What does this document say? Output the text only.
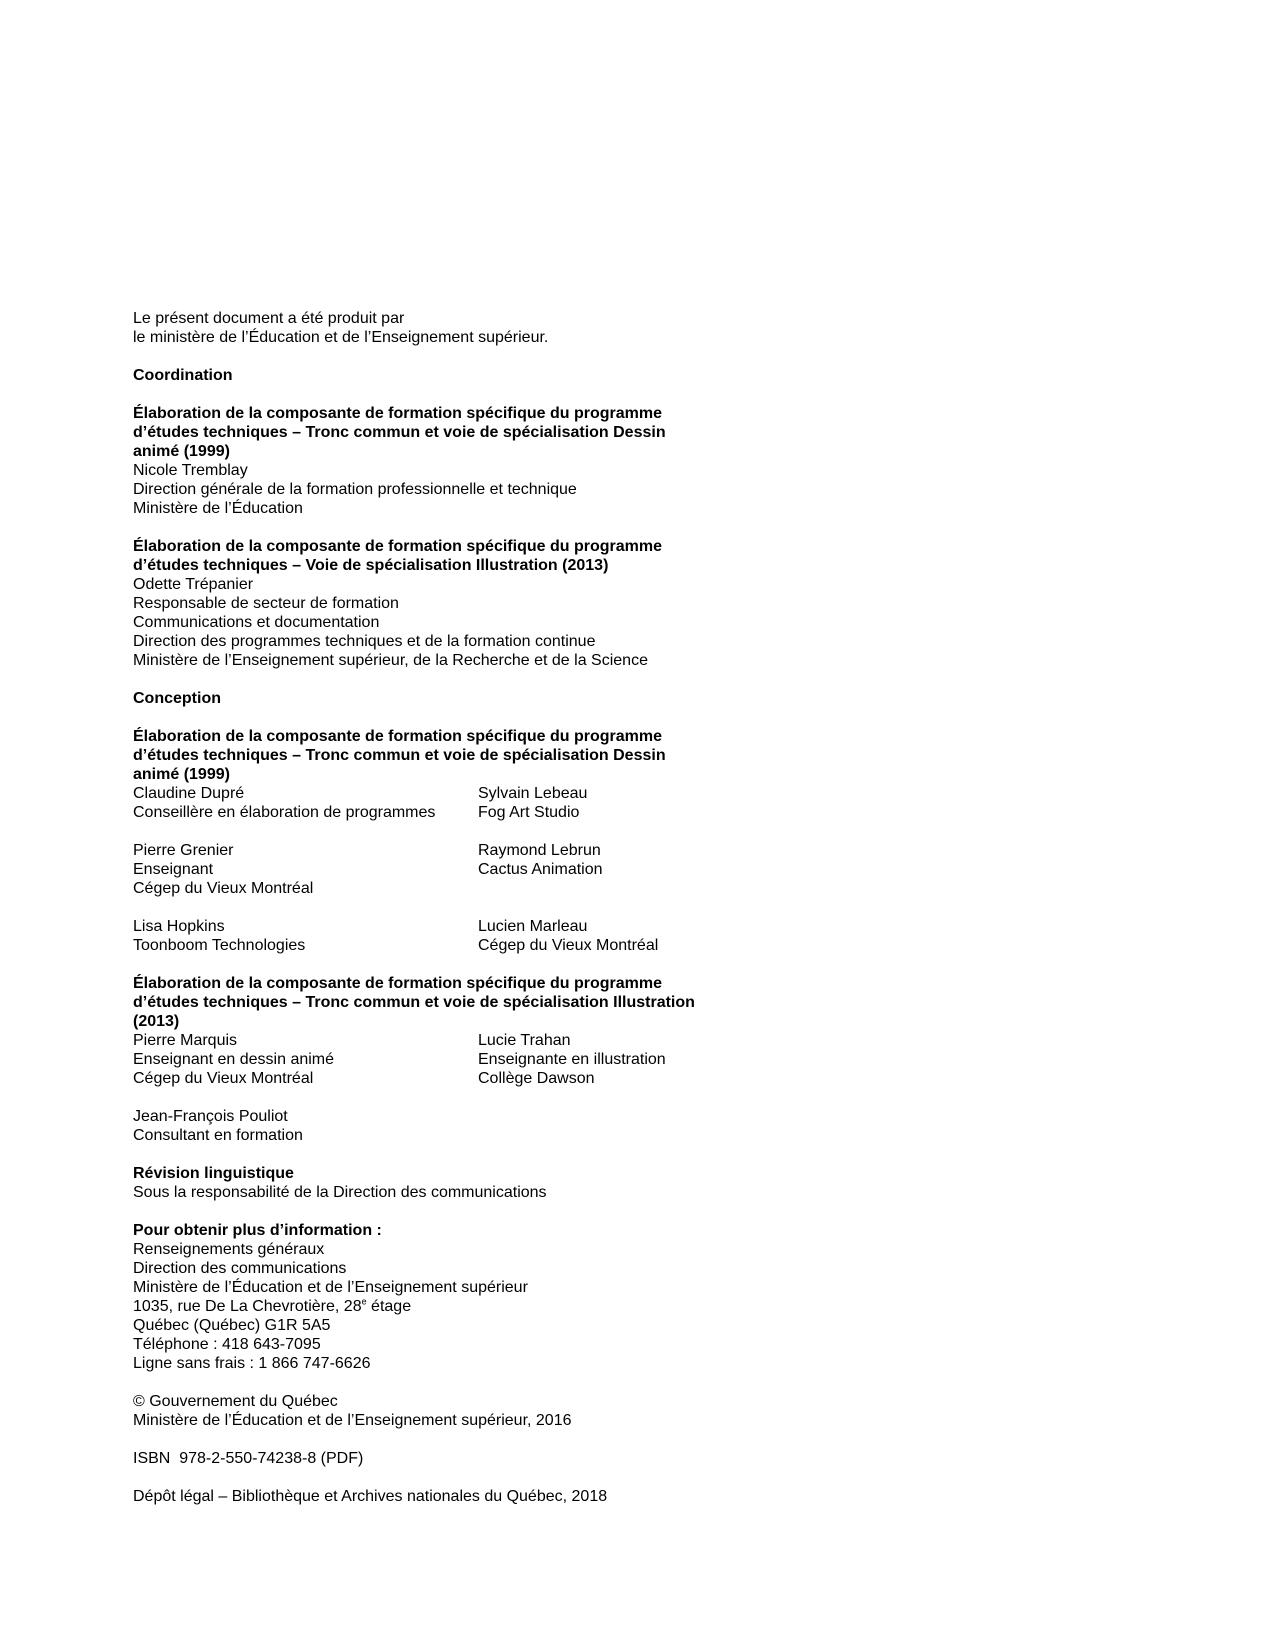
Le présent document a été produit par
le ministère de l’Éducation et de l’Enseignement supérieur.
Coordination
Élaboration de la composante de formation spécifique du programme d’études techniques – Tronc commun et voie de spécialisation Dessin animé (1999)
Nicole Tremblay
Direction générale de la formation professionnelle et technique
Ministère de l’Éducation
Élaboration de la composante de formation spécifique du programme d’études techniques – Voie de spécialisation Illustration (2013)
Odette Trépanier
Responsable de secteur de formation
Communications et documentation
Direction des programmes techniques et de la formation continue
Ministère de l’Enseignement supérieur, de la Recherche et de la Science
Conception
Élaboration de la composante de formation spécifique du programme d’études techniques – Tronc commun et voie de spécialisation Dessin animé (1999)
Claudine Dupré
Conseillère en élaboration de programmes
Sylvain Lebeau
Fog Art Studio
Pierre Grenier
Enseignant
Cégep du Vieux Montréal
Raymond Lebrun
Cactus Animation
Lisa Hopkins
Toonboom Technologies
Lucien Marleau
Cégep du Vieux Montréal
Élaboration de la composante de formation spécifique du programme d’études techniques – Tronc commun et voie de spécialisation Illustration (2013)
Pierre Marquis
Enseignant en dessin animé
Cégep du Vieux Montréal
Lucie Trahan
Enseignante en illustration
Collège Dawson
Jean-François Pouliot
Consultant en formation
Révision linguistique
Sous la responsabilité de la Direction des communications
Pour obtenir plus d’information :
Renseignements généraux
Direction des communications
Ministère de l’Éducation et de l’Enseignement supérieur
1035, rue De La Chevrotière, 28e étage
Québec (Québec) G1R 5A5
Téléphone : 418 643-7095
Ligne sans frais : 1 866 747-6626
© Gouvernement du Québec
Ministère de l’Éducation et de l’Enseignement supérieur, 2016
ISBN  978-2-550-74238-8 (PDF)
Dépôt légal – Bibliothèque et Archives nationales du Québec, 2018
